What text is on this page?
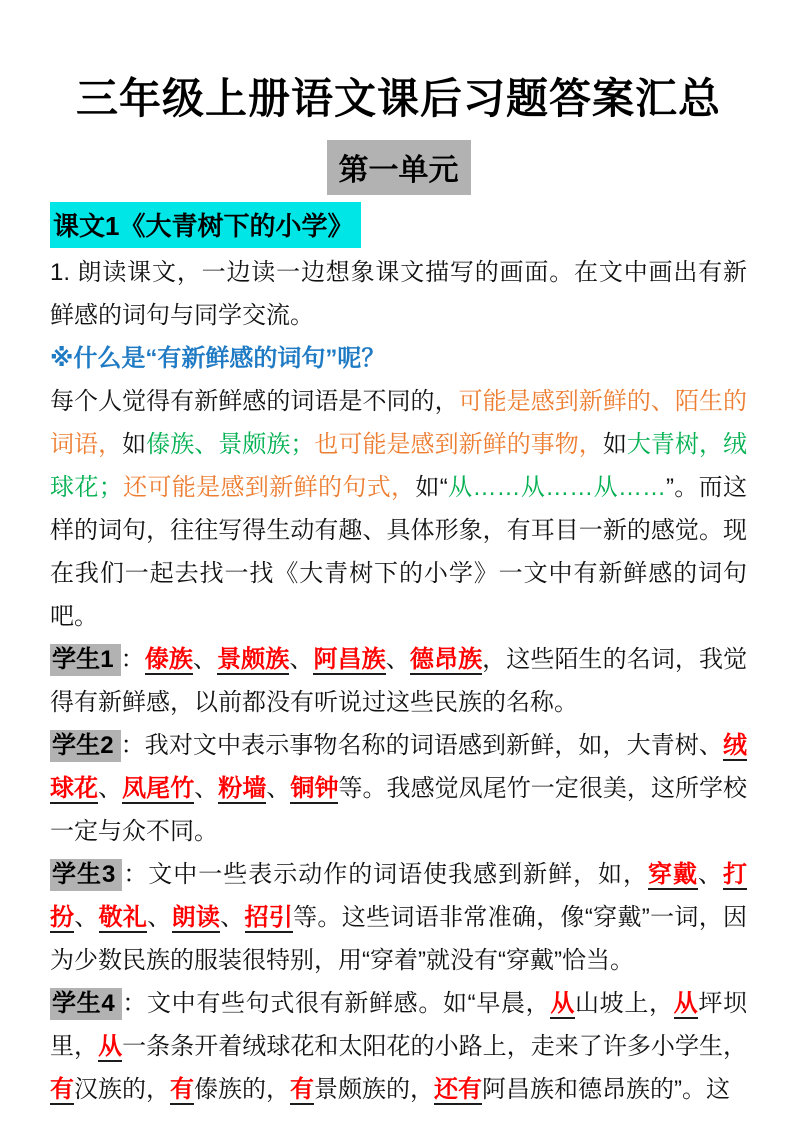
三年级上册语文课后习题答案汇总
第一单元
课文1《大青树下的小学》

1. 朗读课文，一边读一边想象课文描写的画面。在文中画出有新鲜感的词句与同学交流。

※什么是“有新鲜感的词句”呢？

每个人觉得有新鲜感的词语是不同的，可能是感到新鲜的、陌生的词语，如傣族、景颇族；也可能是感到新鲜的事物，如大青树，绒球花；还可能是感到新鲜的句式，如“从……从……从……”。而这样的词句，往往写得生动有趣、具体形象，有耳目一新的感觉。现在我们一起去找一找《大青树下的小学》一文中有新鲜感的词句吧。

学生1 ：傣族、景颇族、阿昌族、德昂族，这些陌生的名词，我觉得有新鲜感，以前都没有听说过这些民族的名称。

学生2 ：我对文中表示事物名称的词语感到新鲜，如，大青树、绒球花、凤尾竹、粉墙、铜钟等。我感觉凤尾竹一定很美，这所学校一定与众不同。

学生3 ：文中一些表示动作的词语使我感到新鲜，如，穿戴、打扮、敬礼、朗读、招引等。这些词语非常准确，像“穿戴”一词，因为少数民族的服装很特别，用“穿着”就没有“穿戴”恰当。

学生4 ：文中有些句式很有新鲜感。如“早晨，从山坡上，从坪坝里，从一条条开着绒球花和太阳花的小路上，走来了许多小学生，有汉族的，有傣族的，有景颇族的，还有阿昌族和德昂族的”。这
